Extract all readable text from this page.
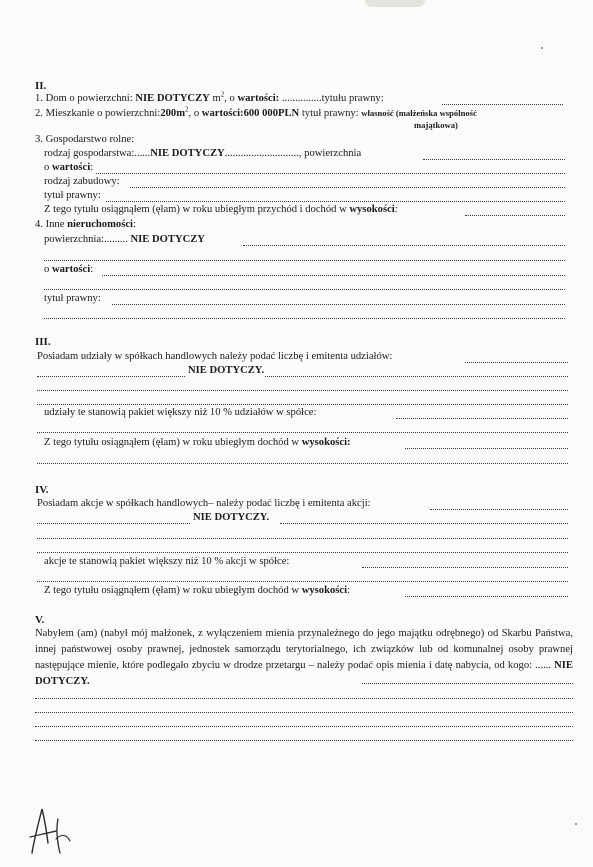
II.
1. Dom o powierzchni: NIE DOTYCZY $m^2$, o wartości: ...............tytułu prawny:
2. Mieszkanie o $powierzchni:200m^2$, o wartości:600 000PLN tytuł prawny: własność (małżeńska wspólność
majątkowa)
3. Gospodarstwo rolne:
rodzaj gospodarstwa:......NIE DOTYCZY............................, powierzchnia
o wartości:
rodzaj zabudowy:
tytuł prawny:
Z tego tytułu osiągnąłem (ęłam) w roku ubiegłym przychód i dochód w wysokości:
4. Inne nieruchomości:
powierzchnia:......... NIE DOTYCZY
o wartości:
tytuł prawny:
III.
Posiadam udziały w spółkach handlowych należy podać liczbę i emitenta udziałów:
NIE DOTYCZY.
udziały te stanowią pakiet większy niż 10 % udziałów w spółce:
Z tego tytułu osiągnąłem (ęłam) w roku ubiegłym dochód w wysokości:
IV.
Posiadam akcje w spółkach handlowych– należy podać liczbę i emitenta akcji:
NIE DOTYCZY.
akcje te stanowią pakiet większy niż 10 % akcji w spółce:
Z tego tytułu osiągnąłem (ęłam) w roku ubiegłym dochód w wysokości:
V.
Nabyłem (am) (nabył mój małżonek, z wyłączeniem mienia przynależnego do jego majątku odrębnego) od Skarbu Państwa, innej państwowej osoby prawnej, jednostek samorządu terytorialnego, ich związków lub od komunalnej osoby prawnej następujące mienie, które podlegało zbyciu w drodze przetargu – należy podać opis mienia i datę nabycia, od kogo: ...... NIE DOTYCZY.
